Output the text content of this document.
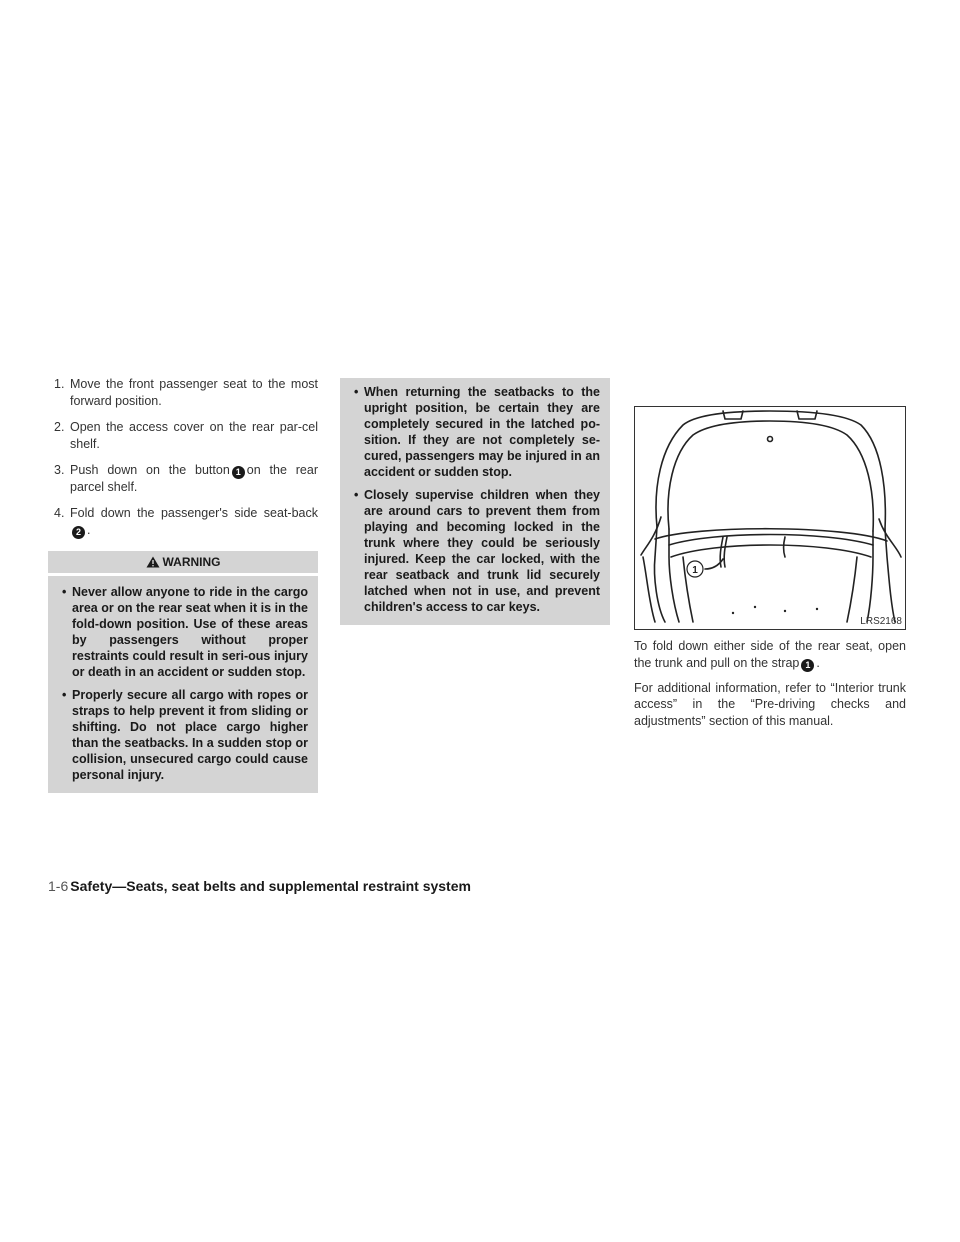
1. Move the front passenger seat to the most forward position.

2. Open the access cover on the rear par-cel shelf.

3. Push down on the button 1 on the rear parcel shelf.

4. Fold down the passenger's side seat-back2 .

WARNING

• Never allow anyone to ride in the cargo area or on the rear seat when it is in the fold-down position. Use of these areas by passengers without proper restraints could result in seri-ous injury or death in an accident or sudden stop.

• Properly secure all cargo with ropes or straps to help prevent it from sliding or shifting. Do not place cargo higher than the seatbacks. In a sudden stop or collision, unsecured cargo could cause personal injury.

• When returning the seatbacks to the upright position, be certain they are completely secured in the latched po-sition. If they are not completely se-cured, passengers may be injured in an accident or sudden stop.

• Closely supervise children when they are around cars to prevent them from playing and becoming locked in the trunk where they could be seriously injured. Keep the car locked, with the rear seatback and trunk lid securely latched when not in use, and prevent children's access to car keys.

1
LRS2168

To fold down either side of the rear seat, open the trunk and pull on the strap 1 .

For additional information, refer to “Interior trunk access” in the “Pre-driving checks and adjustments” section of this manual.

1-6 Safety—Seats, seat belts and supplemental restraint system
